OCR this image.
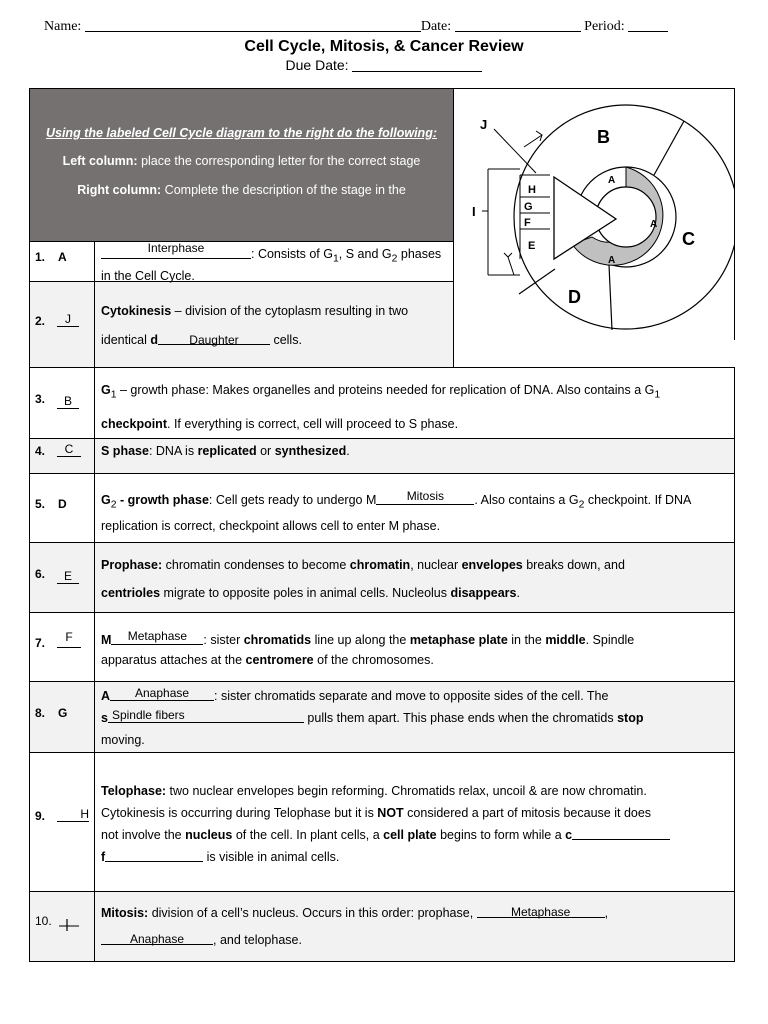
Name:	Date:	Period:
Cell Cycle, Mitosis, & Cancer Review
Due Date:
Using the labeled Cell Cycle diagram to the right do the following:
Left column: place the corresponding letter for the correct stage
Right column: Complete the description of the stage in the
J
B
A
A
A
C
D
I
H
G
F
E
1. A
Interphase	: Consists of $G_1$, S and $G_2$ phases
in the Cell Cycle.
2.	J
Cytokinesis – division of the cytoplasm resulting in two
identical d	Daughter	cells.
3.	B
$G_1$ – growth phase: Makes organelles and proteins needed for replication of DNA. Also contains a $G_1$
checkpoint. If everything is correct, cell will proceed to S phase.
4.	C	S phase: DNA is replicated or synthesized.
5. D	$G_2$ - growth phase: Cell gets ready to undergo M	Mitosis	. Also contains a $G_2$ checkpoint. If DNA
replication is correct, checkpoint allows cell to enter M phase.
6.	E
Prophase: chromatin condenses to become chromatin, nuclear envelopes breaks down, and
centrioles migrate to opposite poles in animal cells. Nucleolus disappears.
7.	F	M	Metaphase	: sister chromatids line up along the metaphase plate in the middle. Spindle
apparatus attaches at the centromere of the chromosomes.
8. G
A	Anaphase	: sister chromatids separate and move to opposite sides of the cell. The
s Spindle fibers	pulls them apart. This phase ends when the chromatids stop
moving.
9.	H
Telophase: two nuclear envelopes begin reforming. Chromatids relax, uncoil & are now chromatin.
Cytokinesis is occurring during Telophase but it is NOT considered a part of mitosis because it does
not involve the nucleus of the cell. In plant cells, a cell plate begins to form while a c
f	is visible in animal cells.
10.
Mitosis: division of a cell’s nucleus. Occurs in this order: prophase,	Metaphase	,

Anaphase	, and telophase.
